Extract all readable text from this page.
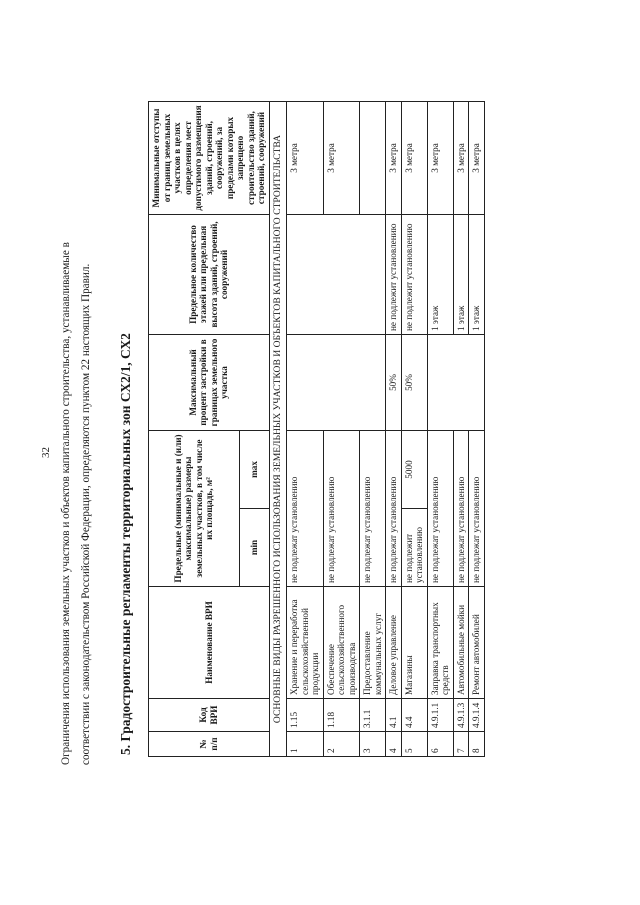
32 Ограничения использования земельных участков и объектов капитального строительства, устанавливаемые в соответствии с законодательством Российской Федерации, определяются пунктом 22 настоящих Правил. 5. Градостроительные регламенты территориальных зон СХ2/1, СХ2	№ п/п	Код ВРИ	Наименование ВРИ	Предельные (минимальные и (или) максимальные) размеры земельных участков, в том числе их площадь, м²		Максимальный процент застройки в границах земельного участка	Предельное количество этажей или предельная высота зданий, строений, сооружений	Минимальные отступы от границ земельных участков в целях определения мест допустимого размещения зданий, строений, сооружений, за пределами которых запрещено строительство зданий, строений, сооружений
			min	max			
ОСНОВНЫЕ ВИДЫ РАЗРЕШЕННОГО ИСПОЛЬЗОВАНИЯ ЗЕМЕЛЬНЫХ УЧАСТКОВ И ОБЪЕКТОВ КАПИТАЛЬНОГО СТРОИТЕЛЬСТВА							
1	1.15	Хранение и переработка сельскохозяйственной продукции	не подлежат установлению				3 метра
2	1.18	Обеспечение сельскохозяйственного производства	не подлежат установлению				3 метра
3	3.1.1	Предоставление коммунальных услуг	не подлежат установлению				
4	4.1	Деловое управление	не подлежат установлению		50%	не подлежит установлению	3 метра
5	4.4	Магазины	не подлежит установлению	5000	50%	не подлежит установлению	3 метра
6	4.9.1.1	Заправка транспортных средств	не подлежат установлению			1 этаж	3 метра
7	4.9.1.3	Автомобильные мойки	не подлежат установлению			1 этаж	3 метра
8	4.9.1.4	Ремонт автомобилей	не подлежат установлению			1 этаж	3 метра
